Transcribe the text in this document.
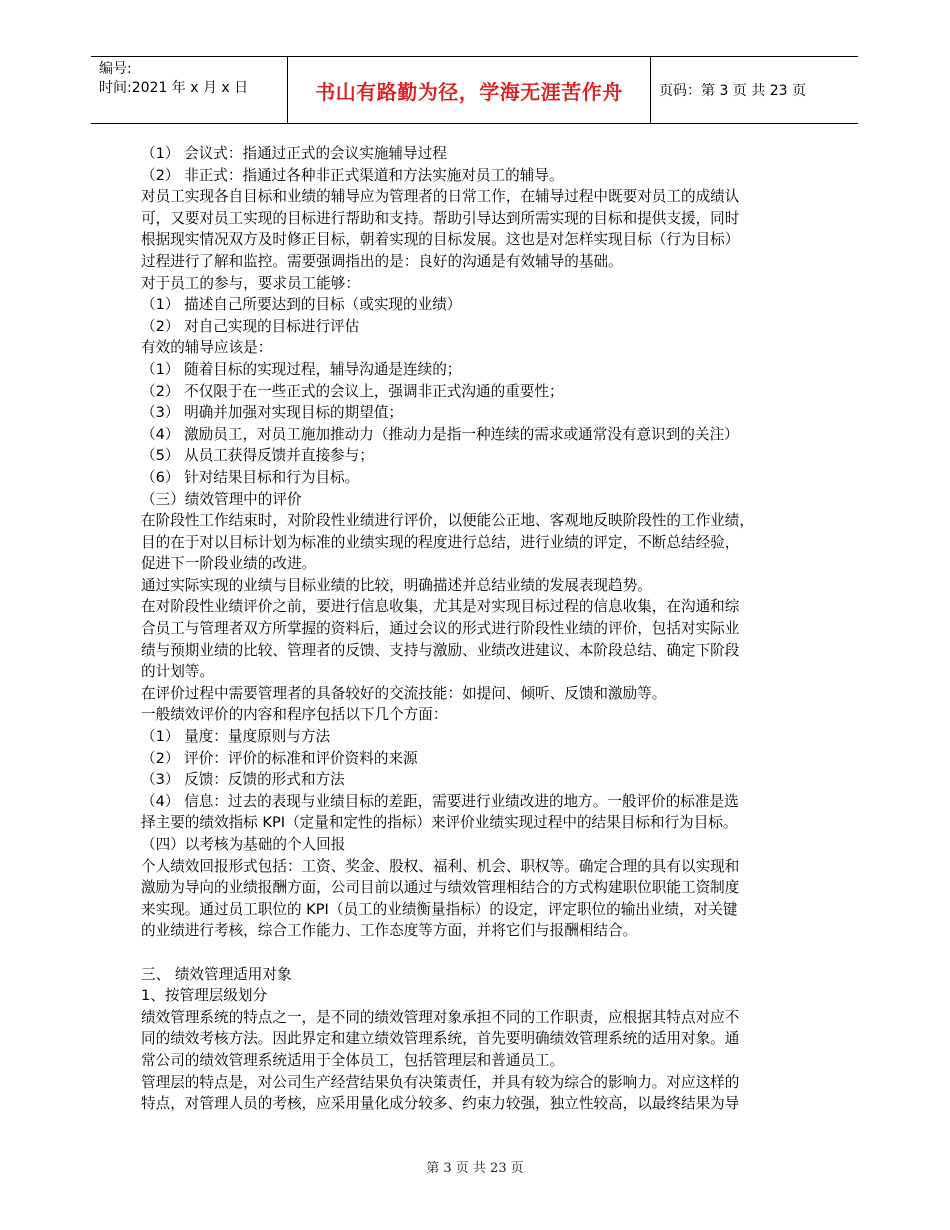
编号:
时间:2021 年 x 月 x 日	书山有路勤为径，学海无涯苦作舟	页码：第 3 页 共 23 页
（1） 会议式：指通过正式的会议实施辅导过程
（2） 非正式：指通过各种非正式渠道和方法实施对员工的辅导。
对员工实现各自目标和业绩的辅导应为管理者的日常工作，在辅导过程中既要对员工的成绩认
可，又要对员工实现的目标进行帮助和支持。帮助引导达到所需实现的目标和提供支援，同时
根据现实情况双方及时修正目标，朝着实现的目标发展。这也是对怎样实现目标（行为目标）
过程进行了解和监控。需要强调指出的是：良好的沟通是有效辅导的基础。
对于员工的参与，要求员工能够：
（1） 描述自己所要达到的目标（或实现的业绩）
（2） 对自己实现的目标进行评估
有效的辅导应该是：
（1） 随着目标的实现过程，辅导沟通是连续的；
（2） 不仅限于在一些正式的会议上，强调非正式沟通的重要性；
（3） 明确并加强对实现目标的期望值；
（4） 激励员工，对员工施加推动力（推动力是指一种连续的需求或通常没有意识到的关注）
（5） 从员工获得反馈并直接参与；
（6） 针对结果目标和行为目标。
（三）绩效管理中的评价
在阶段性工作结束时，对阶段性业绩进行评价，以便能公正地、客观地反映阶段性的工作业绩，
目的在于对以目标计划为标准的业绩实现的程度进行总结，进行业绩的评定，不断总结经验，
促进下一阶段业绩的改进。
通过实际实现的业绩与目标业绩的比较，明确描述并总结业绩的发展表现趋势。
在对阶段性业绩评价之前，要进行信息收集，尤其是对实现目标过程的信息收集，在沟通和综
合员工与管理者双方所掌握的资料后，通过会议的形式进行阶段性业绩的评价，包括对实际业
绩与预期业绩的比较、管理者的反馈、支持与激励、业绩改进建议、本阶段总结、确定下阶段
的计划等。
在评价过程中需要管理者的具备较好的交流技能：如提问、倾听、反馈和激励等。
一般绩效评价的内容和程序包括以下几个方面：
（1） 量度：量度原则与方法
（2） 评价：评价的标准和评价资料的来源
（3） 反馈：反馈的形式和方法
（4） 信息：过去的表现与业绩目标的差距，需要进行业绩改进的地方。一般评价的标准是选
择主要的绩效指标 KPI（定量和定性的指标）来评价业绩实现过程中的结果目标和行为目标。
（四）以考核为基础的个人回报
个人绩效回报形式包括：工资、奖金、股权、福利、机会、职权等。确定合理的具有以实现和
激励为导向的业绩报酬方面，公司目前以通过与绩效管理相结合的方式构建职位职能工资制度
来实现。通过员工职位的 KPI（员工的业绩衡量指标）的设定，评定职位的输出业绩，对关键
的业绩进行考核，综合工作能力、工作态度等方面，并将它们与报酬相结合。
三、 绩效管理适用对象
1、按管理层级划分
绩效管理系统的特点之一，是不同的绩效管理对象承担不同的工作职责，应根据其特点对应不
同的绩效考核方法。因此界定和建立绩效管理系统，首先要明确绩效管理系统的适用对象。通
常公司的绩效管理系统适用于全体员工，包括管理层和普通员工。
管理层的特点是，对公司生产经营结果负有决策责任，并具有较为综合的影响力。对应这样的
特点，对管理人员的考核，应采用量化成分较多、约束力较强，独立性较高，以最终结果为导
第 3 页 共 23 页
